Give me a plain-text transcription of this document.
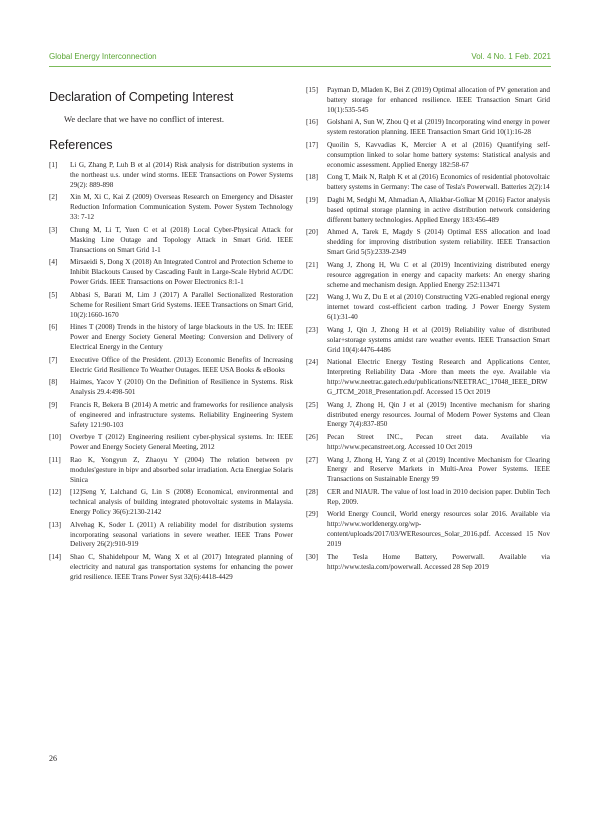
Global Energy Interconnection	Vol. 4 No. 1 Feb. 2021
Declaration of Competing Interest

We declare that we have no conflict of interest.

References
[1]	Li G, Zhang P, Luh B et al (2014) Risk analysis for distribution systems in the northeast u.s. under wind storms. IEEE Transactions on Power Systems 29(2): 889-898
[2]	Xin M, Xi C, Kai Z (2009) Overseas Research on Emergency and Disaster Reduction Information Communication System. Power System Technology 33: 7-12
[3]	Chung M, Li T, Yuen C et al (2018) Local Cyber-Physical Attack for Masking Line Outage and Topology Attack in Smart Grid. IEEE Transactions on Smart Grid 1-1
[4]	Mirsaeidi S, Dong X (2018) An Integrated Control and Protection Scheme to Inhibit Blackouts Caused by Cascading Fault in Large-Scale Hybrid AC/DC Power Grids. IEEE Transactions on Power Electronics 8:1-1
[5]	Abbasi S, Barati M, Lim J (2017) A Parallel Sectionalized Restoration Scheme for Resilient Smart Grid Systems. IEEE Transactions on Smart Grid, 10(2):1660-1670
[6]	Hines T (2008) Trends in the history of large blackouts in the US. In: IEEE Power and Energy Society General Meeting: Conversion and Delivery of Electrical Energy in the Century
[7]	Executive Office of the President. (2013) Economic Benefits of Increasing Electric Grid Resilience To Weather Outages. IEEE USA Books & eBooks
[8]	Haimes, Yacov Y (2010) On the Definition of Resilience in Systems. Risk Analysis 29.4:498-501
[9]	Francis R, Bekera B (2014) A metric and frameworks for resilience analysis of engineered and infrastructure systems. Reliability Engineering System Safety 121:90-103
[10]	Overbye T (2012) Engineering resilient cyber-physical systems. In: IEEE Power and Energy Society General Meeting, 2012
[11]	Rao K, Yongyun Z, Zhaoyu Y (2004) The relation between pv modules'gesture in bipv and absorbed solar irradiation. Acta Energiae Solaris Sinica
[12]	[12]Seng Y, Lalchand G, Lin S (2008) Economical, environmental and technical analysis of building integrated photovoltaic systems in Malaysia. Energy Policy 36(6):2130-2142
[13]	Alvehag K, Soder L (2011) A reliability model for distribution systems incorporating seasonal variations in severe weather. IEEE Trans Power Delivery 26(2):910-919
[14]	Shao C, Shahidehpour M, Wang X et al (2017) Integrated planning of electricity and natural gas transportation systems for enhancing the power grid resilience. IEEE Trans Power Syst 32(6):4418-4429
[15]	Payman D, Mladen K, Bei Z (2019) Optimal allocation of PV generation and battery storage for enhanced resilience. IEEE Transaction Smart Grid 10(1):535-545
[16]	Golshani A, Sun W, Zhou Q et al (2019) Incorporating wind energy in power system restoration planning. IEEE Transaction Smart Grid 10(1):16-28
[17]	Quoilin S, Kavvadias K, Mercier A et al (2016) Quantifying self-consumption linked to solar home battery systems: Statistical analysis and economic assessment. Applied Energy 182:58-67
[18]	Cong T, Maik N, Ralph K et al (2016) Economics of residential photovoltaic battery systems in Germany: The case of Tesla's Powerwall. Batteries 2(2):14
[19]	Daghi M, Sedghi M, Ahmadian A, Aliakbar-Golkar M (2016) Factor analysis based optimal storage planning in active distribution network considering different battery technologies. Applied Energy 183:456-489
[20]	Ahmed A, Tarek E, Magdy S (2014) Optimal ESS allocation and load shedding for improving distribution system reliability. IEEE Transaction Smart Grid 5(5):2339-2349
[21]	Wang J, Zhong H, Wu C et al (2019) Incentivizing distributed energy resource aggregation in energy and capacity markets: An energy sharing scheme and mechanism design. Applied Energy 252:113471
[22]	Wang J, Wu Z, Du E et al (2010) Constructing V2G-enabled regional energy internet toward cost-efficient carbon trading. J Power Energy System 6(1):31-40
[23]	Wang J, Qin J, Zhong H et al (2019) Reliability value of distributed solar+storage systems amidst rare weather events. IEEE Transaction Smart Grid 10(4):4476-4486
[24]	National Electric Energy Testing Research and Applications Center, Interpreting Reliability Data -More than meets the eye. Available via http://www.neetrac.gatech.edu/publications/NEETRAC_17048_IEEE_DRWG_JTCM_2018_Presentation.pdf. Accessed 15 Oct 2019
[25]	Wang J, Zhong H, Qin J et al (2019) Incentive mechanism for sharing distributed energy resources. Journal of Modern Power Systems and Clean Energy 7(4):837-850
[26]	Pecan Street INC., Pecan street data. Available via http://www.pecanstreet.org. Accessed 10 Oct 2019
[27]	Wang J, Zhong H, Yang Z et al (2019) Incentive Mechanism for Clearing Energy and Reserve Markets in Multi-Area Power Systems. IEEE Transactions on Sustainable Energy 99
[28]	CER and NIAUR. The value of lost load in 2010 decision paper. Dublin Tech Rep, 2009.
[29]	World Energy Council, World energy resources solar 2016. Available via http://www.worldenergy.org/wp-content/uploads/2017/03/WEResources_Solar_2016.pdf. Accessed 15 Nov 2019
[30]	The Tesla Home Battery, Powerwall. Available via http://www.tesla.com/powerwall. Accessed 28 Sep 2019
26
